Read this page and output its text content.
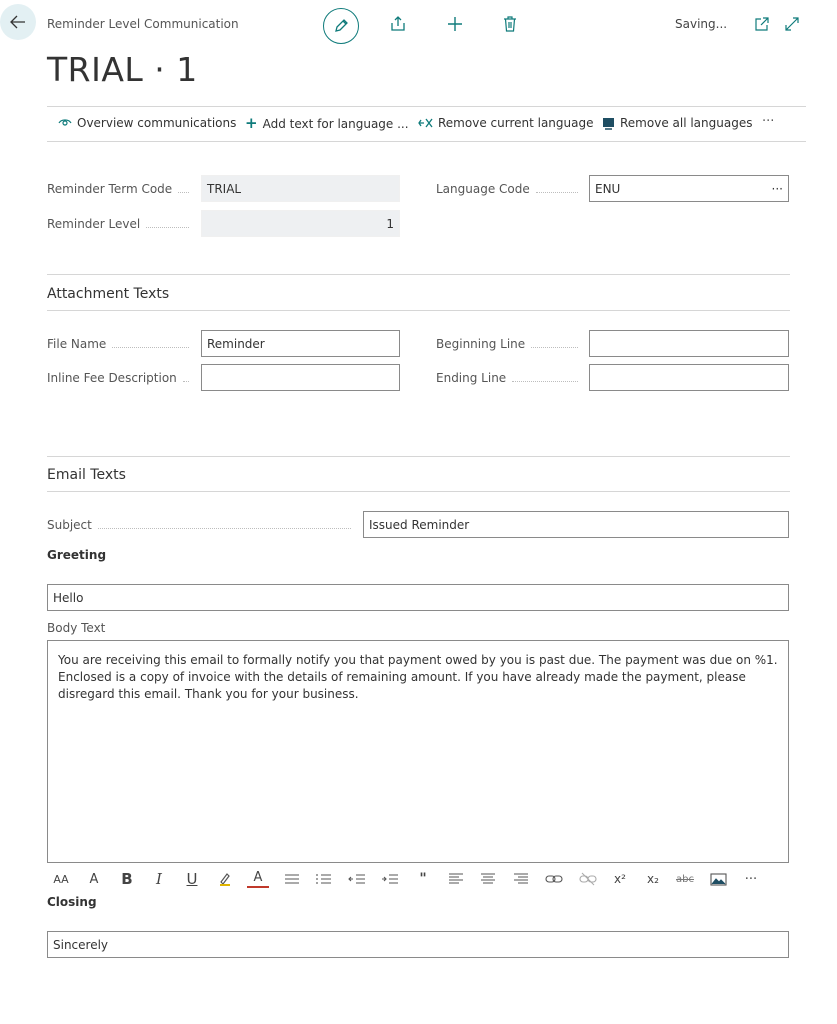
Reminder Level Communication
TRIAL · 1
Saving...
Overview communications + Add text for language ... Remove current language Remove all languages ···
Reminder Term Code	TRIAL
Reminder Level	1
Language Code	ENU	···
Attachment Texts
File Name	Reminder
Inline Fee Description
Beginning Line
Ending Line
Email Texts
Subject	Issued Reminder
Greeting
Hello
Body Text
You are receiving this email to formally notify you that payment owed by you is past due. The payment was due on %1. Enclosed is a copy of invoice with the details of remaining amount. If you have already made the payment, please disregard this email. Thank you for your business.
AA	A	B	I	U	A	"	x²	x₂	abc	···
Closing
Sincerely
